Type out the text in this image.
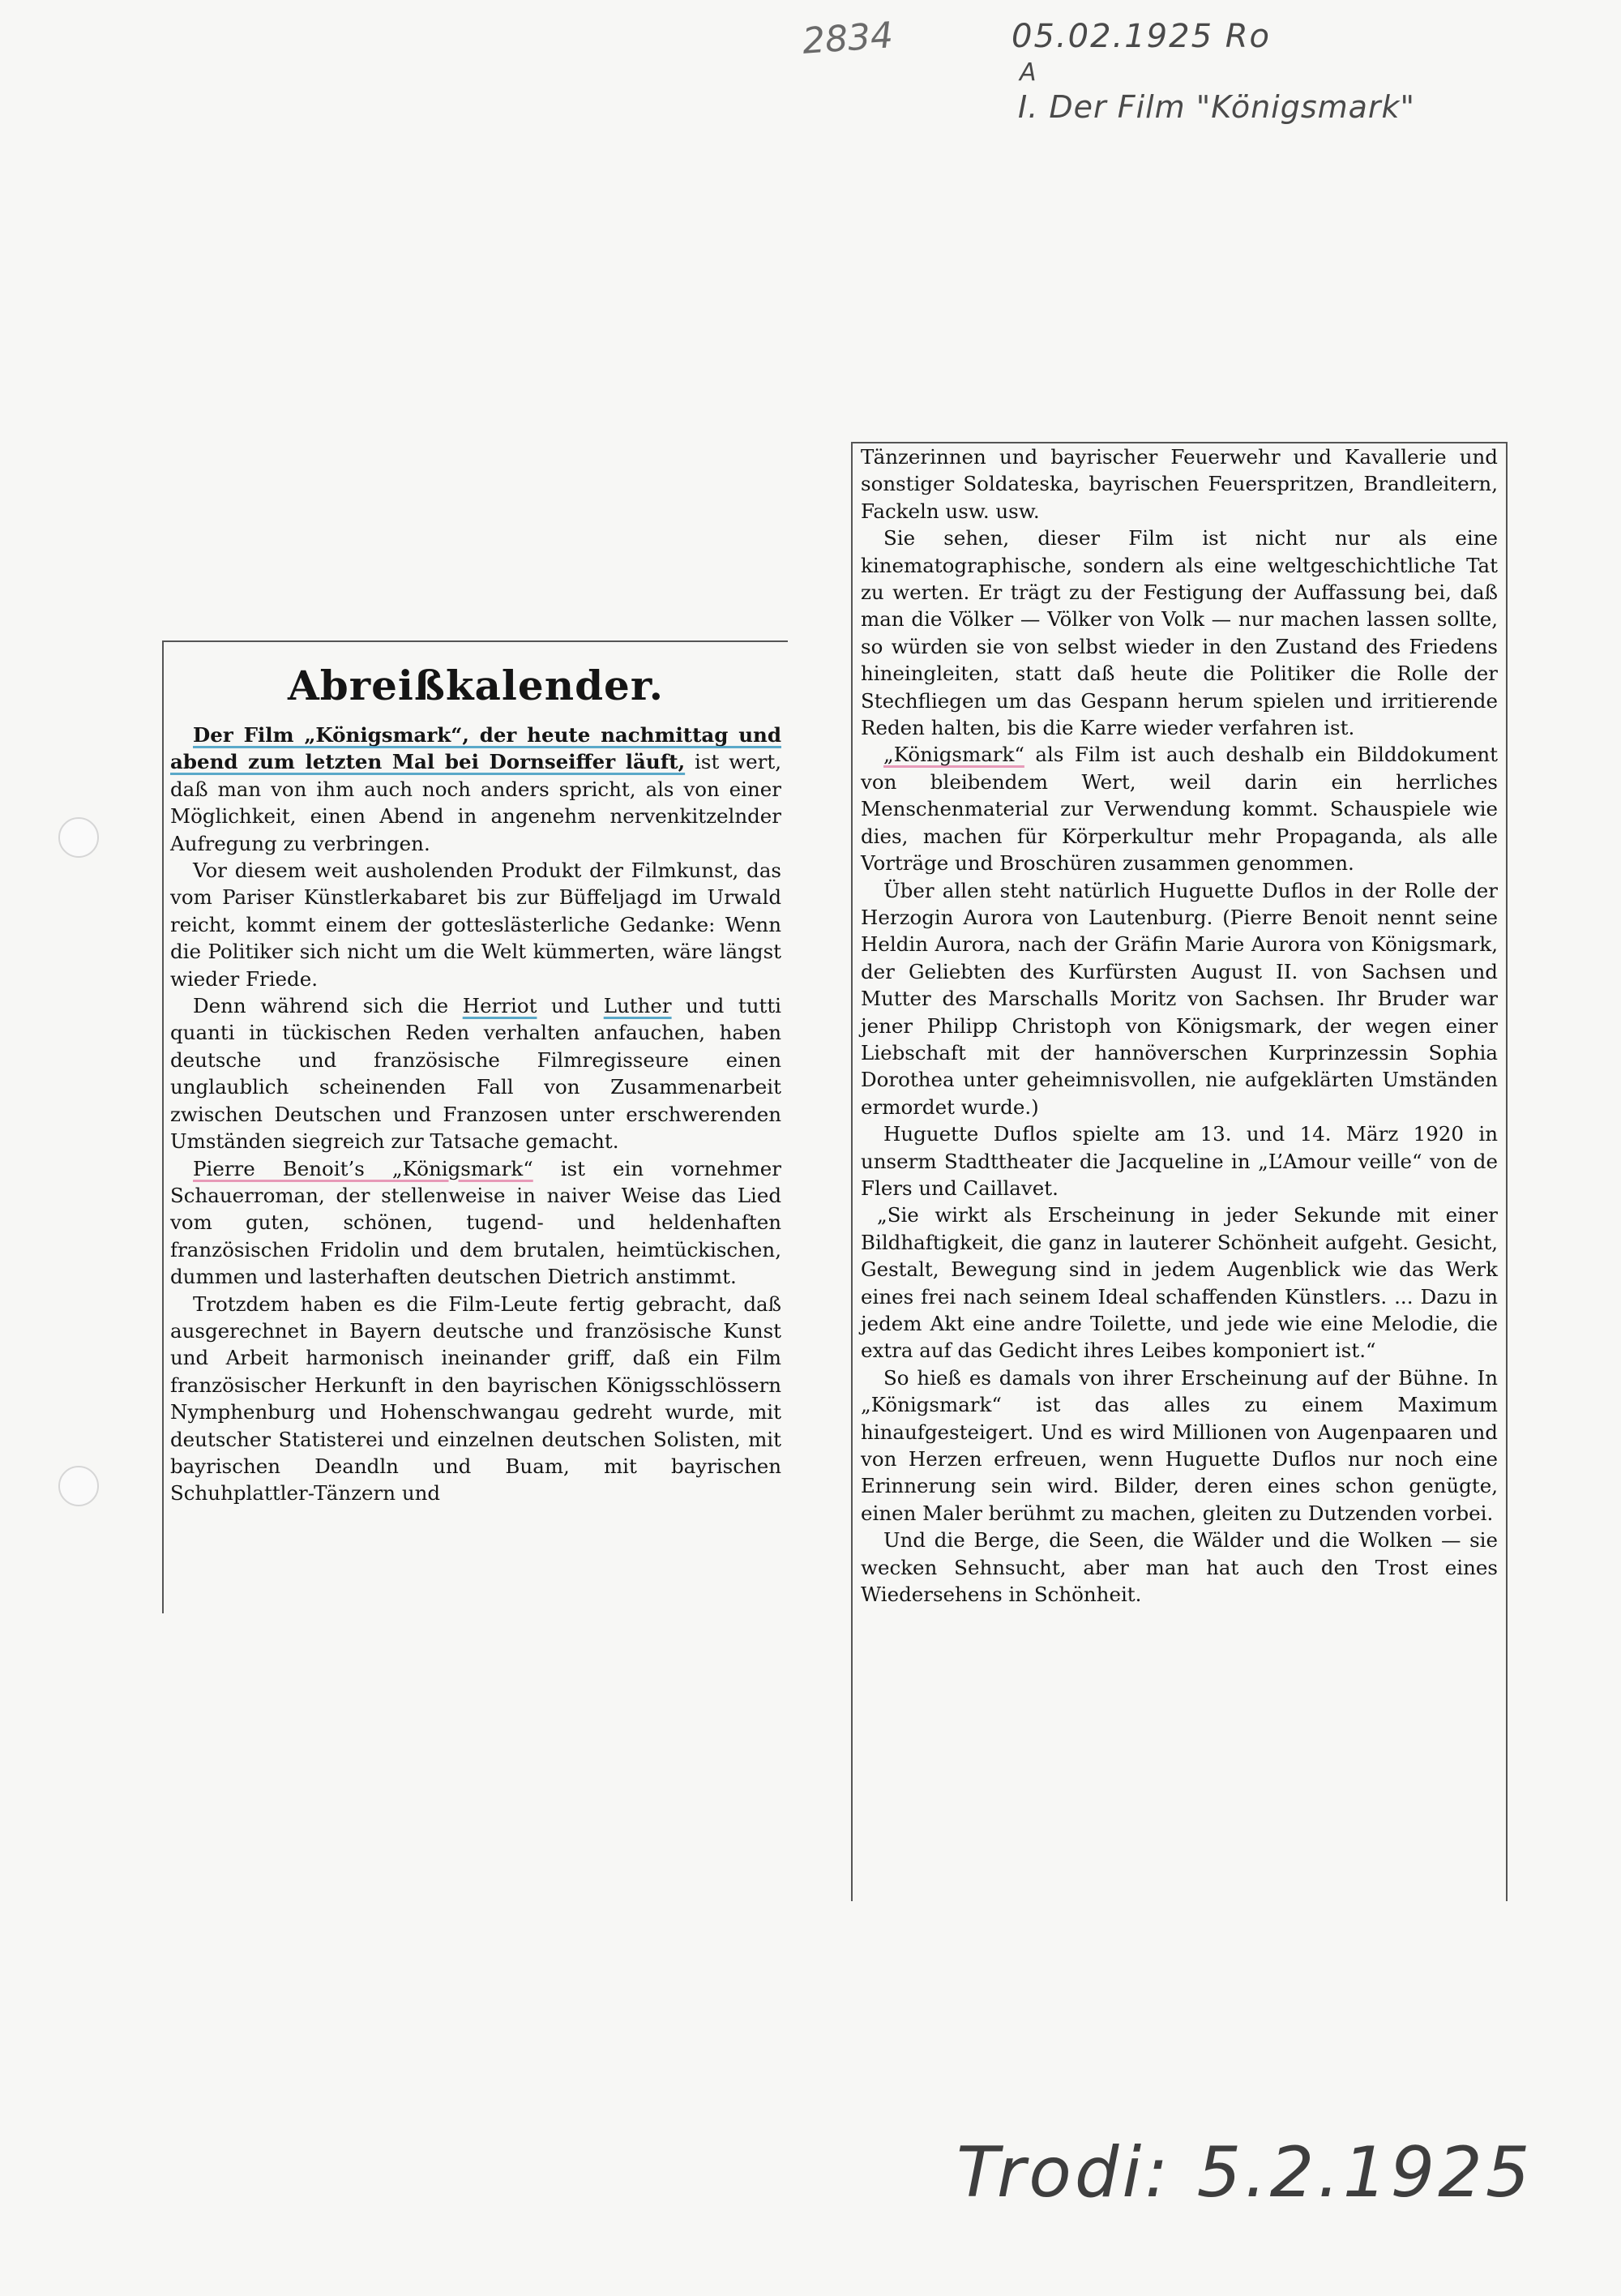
2834	05.02.1925 Ro
A
I. Der Film "Königsmark"
Abreißkalender.

Der Film „Königsmark“, der heute nachmittag und abend zum letzten Mal bei Dornseiffer läuft, ist wert, daß man von ihm auch noch anders spricht, als von einer Möglichkeit, einen Abend in angenehm nervenkitzelnder Aufregung zu verbringen.

Vor diesem weit ausholenden Produkt der Filmkunst, das vom Pariser Künstlerkabaret bis zur Büffeljagd im Urwald reicht, kommt einem der gotteslästerliche Gedanke: Wenn die Politiker sich nicht um die Welt kümmerten, wäre längst wieder Friede.

Denn während sich die Herriot und Luther und tutti quanti in tückischen Reden verhalten anfauchen, haben deutsche und französische Filmregisseure einen unglaublich scheinenden Fall von Zusammenarbeit zwischen Deutschen und Franzosen unter erschwerenden Umständen siegreich zur Tatsache gemacht.

Pierre Benoit’s „Königsmark“ ist ein vornehmer Schauerroman, der stellenweise in naiver Weise das Lied vom guten, schönen, tugend- und heldenhaften französischen Fridolin und dem brutalen, heimtückischen, dummen und lasterhaften deutschen Dietrich anstimmt.

Trotzdem haben es die Film-Leute fertig gebracht, daß ausgerechnet in Bayern deutsche und französische Kunst und Arbeit harmonisch ineinander griff, daß ein Film französischer Herkunft in den bayrischen Königsschlössern Nymphenburg und Hohenschwangau gedreht wurde, mit deutscher Statisterei und einzelnen deutschen Solisten, mit bayrischen Deandln und Buam, mit bayrischen Schuhplattler-Tänzern und

Tänzerinnen und bayrischer Feuerwehr und Kavallerie und sonstiger Soldateska, bayrischen Feuerspritzen, Brandleitern, Fackeln usw. usw.

Sie sehen, dieser Film ist nicht nur als eine kinematographische, sondern als eine weltgeschichtliche Tat zu werten. Er trägt zu der Festigung der Auffassung bei, daß man die Völker — Völker von Volk — nur machen lassen sollte, so würden sie von selbst wieder in den Zustand des Friedens hineingleiten, statt daß heute die Politiker die Rolle der Stechfliegen um das Gespann herum spielen und irritierende Reden halten, bis die Karre wieder verfahren ist.

„Königsmark“ als Film ist auch deshalb ein Bilddokument von bleibendem Wert, weil darin ein herrliches Menschenmaterial zur Verwendung kommt. Schauspiele wie dies, machen für Körperkultur mehr Propaganda, als alle Vorträge und Broschüren zusammen genommen.

Über allen steht natürlich Huguette Duflos in der Rolle der Herzogin Aurora von Lautenburg. (Pierre Benoit nennt seine Heldin Aurora, nach der Gräfin Marie Aurora von Königsmark, der Geliebten des Kurfürsten August II. von Sachsen und Mutter des Marschalls Moritz von Sachsen. Ihr Bruder war jener Philipp Christoph von Königsmark, der wegen einer Liebschaft mit der hannöverschen Kurprinzessin Sophia Dorothea unter geheimnisvollen, nie aufgeklärten Umständen ermordet wurde.)

Huguette Duflos spielte am 13. und 14. März 1920 in unserm Stadttheater die Jacqueline in „L’Amour veille“ von de Flers und Caillavet.

„Sie wirkt als Erscheinung in jeder Sekunde mit einer Bildhaftigkeit, die ganz in lauterer Schönheit aufgeht. Gesicht, Gestalt, Bewegung sind in jedem Augenblick wie das Werk eines frei nach seinem Ideal schaffenden Künstlers. ... Dazu in jedem Akt eine andre Toilette, und jede wie eine Melodie, die extra auf das Gedicht ihres Leibes komponiert ist.“

So hieß es damals von ihrer Erscheinung auf der Bühne. In „Königsmark“ ist das alles zu einem Maximum hinaufgesteigert. Und es wird Millionen von Augenpaaren und von Herzen erfreuen, wenn Huguette Duflos nur noch eine Erinnerung sein wird. Bilder, deren eines schon genügte, einen Maler berühmt zu machen, gleiten zu Dutzenden vorbei.

Und die Berge, die Seen, die Wälder und die Wolken — sie wecken Sehnsucht, aber man hat auch den Trost eines Wiedersehens in Schönheit.

Trodi: 5.2.1925
